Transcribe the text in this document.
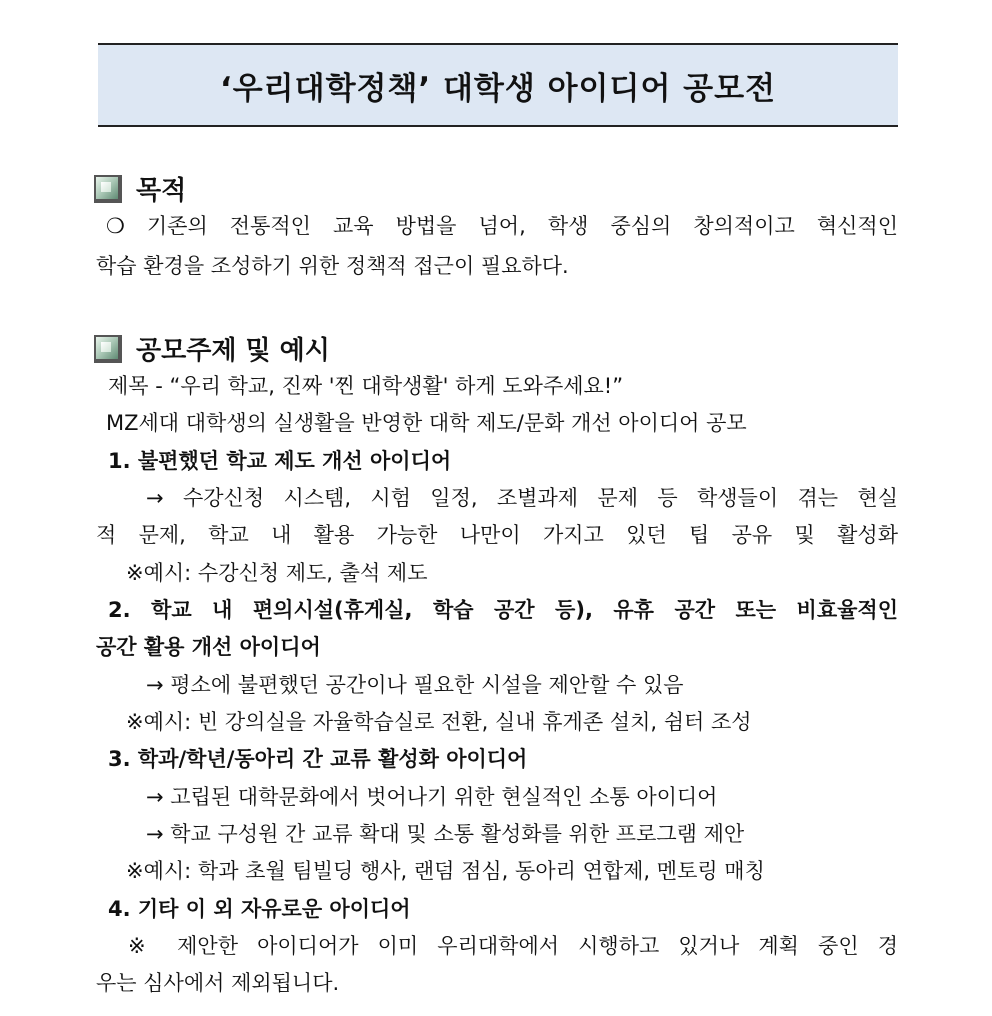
‘우리대학정책’ 대학생 아이디어 공모전
목적
❍ 기존의 전통적인 교육 방법을 넘어, 학생 중심의 창의적이고 혁신적인
학습 환경을 조성하기 위한 정책적 접근이 필요하다.
공모주제 및 예시
제목 - “우리 학교, 진짜 '찐 대학생활' 하게 도와주세요!”
MZ세대 대학생의 실생활을 반영한 대학 제도/문화 개선 아이디어 공모
1. 불편했던 학교 제도 개선 아이디어
→ 수강신청 시스템, 시험 일정, 조별과제 문제 등 학생들이 겪는 현실
적 문제, 학교 내 활용 가능한 나만이 가지고 있던 팁 공유 및 활성화
※예시: 수강신청 제도, 출석 제도
2. 학교 내 편의시설(휴게실, 학습 공간 등), 유휴 공간 또는 비효율적인
공간 활용 개선 아이디어
→ 평소에 불편했던 공간이나 필요한 시설을 제안할 수 있음
※예시: 빈 강의실을 자율학습실로 전환, 실내 휴게존 설치, 쉼터 조성
3. 학과/학년/동아리 간 교류 활성화 아이디어
→ 고립된 대학문화에서 벗어나기 위한 현실적인 소통 아이디어
→ 학교 구성원 간 교류 확대 및 소통 활성화를 위한 프로그램 제안
※예시: 학과 초월 팀빌딩 행사, 랜덤 점심, 동아리 연합제, 멘토링 매칭
4. 기타 이 외 자유로운 아이디어
※ 제안한 아이디어가 이미 우리대학에서 시행하고 있거나 계획 중인 경
우는 심사에서 제외됩니다.
